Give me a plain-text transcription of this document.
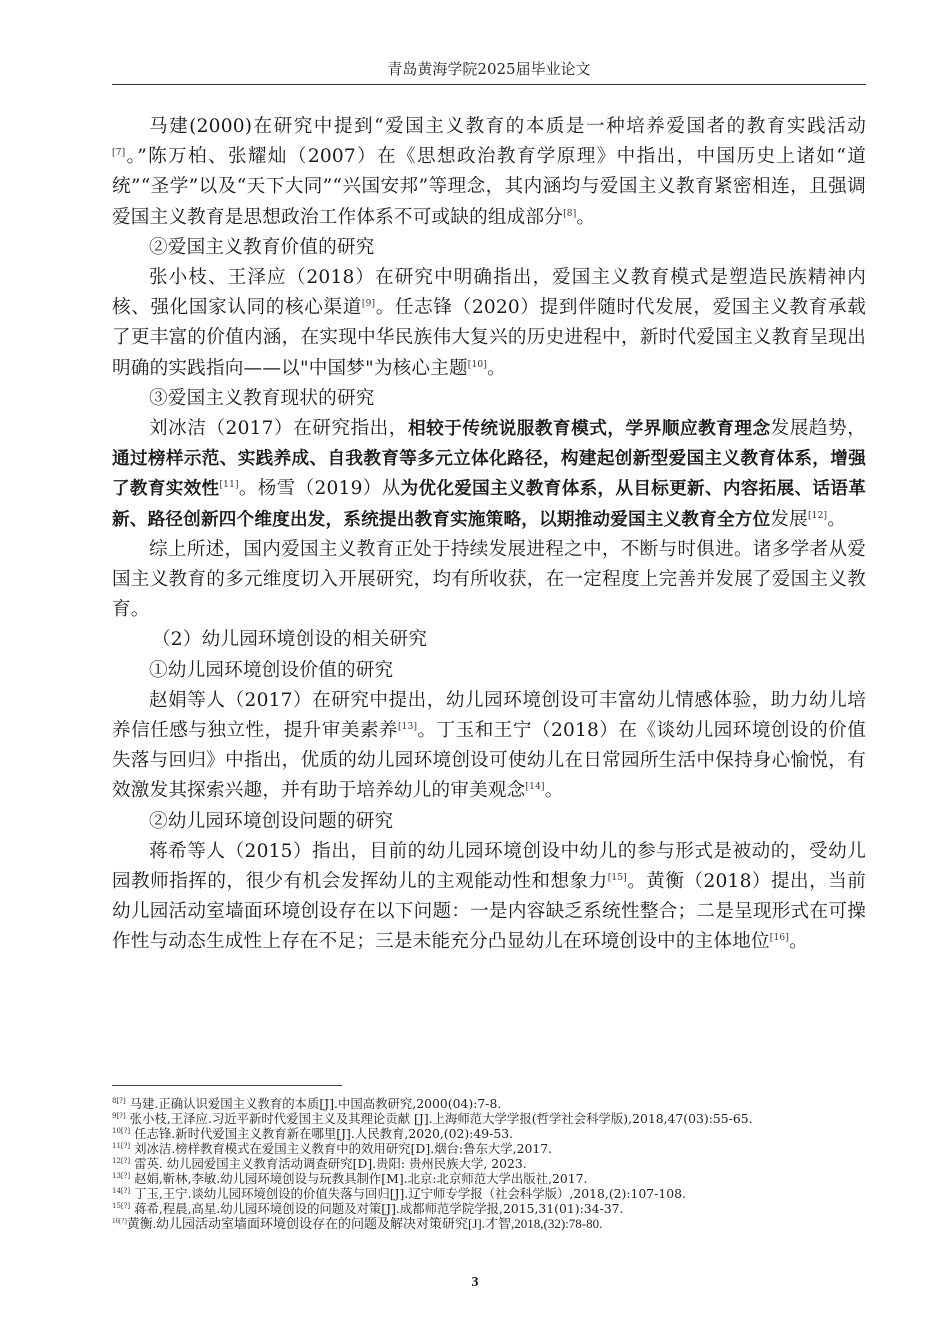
青岛黄海学院2025届毕业论文

马建(2000)在研究中提到“爱国主义教育的本质是一种培养爱国者的教育实践活动[7]。”陈万柏、张耀灿（2007）在《思想政治教育学原理》中指出，中国历史上诸如“道统”“圣学”以及“天下大同”“兴国安邦”等理念，其内涵均与爱国主义教育紧密相连，且强调爱国主义教育是思想政治工作体系不可或缺的组成部分[8]。

②爱国主义教育价值的研究

张小枝、王泽应（2018）在研究中明确指出，爱国主义教育模式是塑造民族精神内核、强化国家认同的核心渠道[9]。任志锋（2020）提到伴随时代发展，爱国主义教育承载了更丰富的价值内涵，在实现中华民族伟大复兴的历史进程中，新时代爱国主义教育呈现出明确的实践指向——以"中国梦"为核心主题[10]。

③爱国主义教育现状的研究

刘冰洁（2017）在研究指出，相较于传统说服教育模式，学界顺应教育理念发展趋势，通过榜样示范、实践养成、自我教育等多元立体化路径，构建起创新型爱国主义教育体系，增强了教育实效性[11]。杨雪（2019）从为优化爱国主义教育体系，从目标更新、内容拓展、话语革新、路径创新四个维度出发，系统提出教育实施策略，以期推动爱国主义教育全方位发展[12]。

综上所述，国内爱国主义教育正处于持续发展进程之中，不断与时俱进。诸多学者从爱国主义教育的多元维度切入开展研究，均有所收获，在一定程度上完善并发展了爱国主义教育。

（2）幼儿园环境创设的相关研究

①幼儿园环境创设价值的研究

赵娟等人（2017）在研究中提出，幼儿园环境创设可丰富幼儿情感体验，助力幼儿培养信任感与独立性，提升审美素养[13]。丁玉和王宁（2018）在《谈幼儿园环境创设的价值失落与回归》中指出，优质的幼儿园环境创设可使幼儿在日常园所生活中保持身心愉悦，有效激发其探索兴趣，并有助于培养幼儿的审美观念[14]。

②幼儿园环境创设问题的研究

蒋希等人（2015）指出，目前的幼儿园环境创设中幼儿的参与形式是被动的，受幼儿园教师指挥的，很少有机会发挥幼儿的主观能动性和想象力[15]。黄衡（2018）提出，当前幼儿园活动室墙面环境创设存在以下问题：一是内容缺乏系统性整合；二是呈现形式在可操作性与动态生成性上存在不足；三是未能充分凸显幼儿在环境创设中的主体地位[16]。

$^{8[?]}$ 马建.正确认识爱国主义教育的本质[J].中国高教研究,2000(04):7-8.

$^{9[?]}$ 张小枝,王泽应.习近平新时代爱国主义及其理论贡献 [J].上海师范大学学报(哲学社会科学版),2018,47(03):55-65.

$^{10[?]}$ 任志锋.新时代爱国主义教育新在哪里[J].人民教育,2020,(02):49-53.

$^{11[?]}$ 刘冰洁.榜样教育模式在爱国主义教育中的效用研究[D].烟台:鲁东大学,2017.

$^{12[?]}$ 雷英. 幼儿园爱国主义教育活动调查研究[D].贵阳: 贵州民族大学, 2023.

$^{13[?]}$ 赵娟,靳林,李敏.幼儿园环境创设与玩教具制作[M].北京:北京师范大学出版社,2017.

$^{14[?]}$ 丁玉,王宁.谈幼儿园环境创设的价值失落与回归[J].辽宁师专学报（社会科学版）,2018,(2):107-108.

$^{15[?]}$ 蒋希,程晨,高星.幼儿园环境创设的问题及对策[J].成都师范学院学报,2015,31(01):34-37.

$^{16[?]}$黄衡.幼儿园活动室墙面环境创设存在的问题及解决对策研究[J].才智,2018,(32):78-80.

3
